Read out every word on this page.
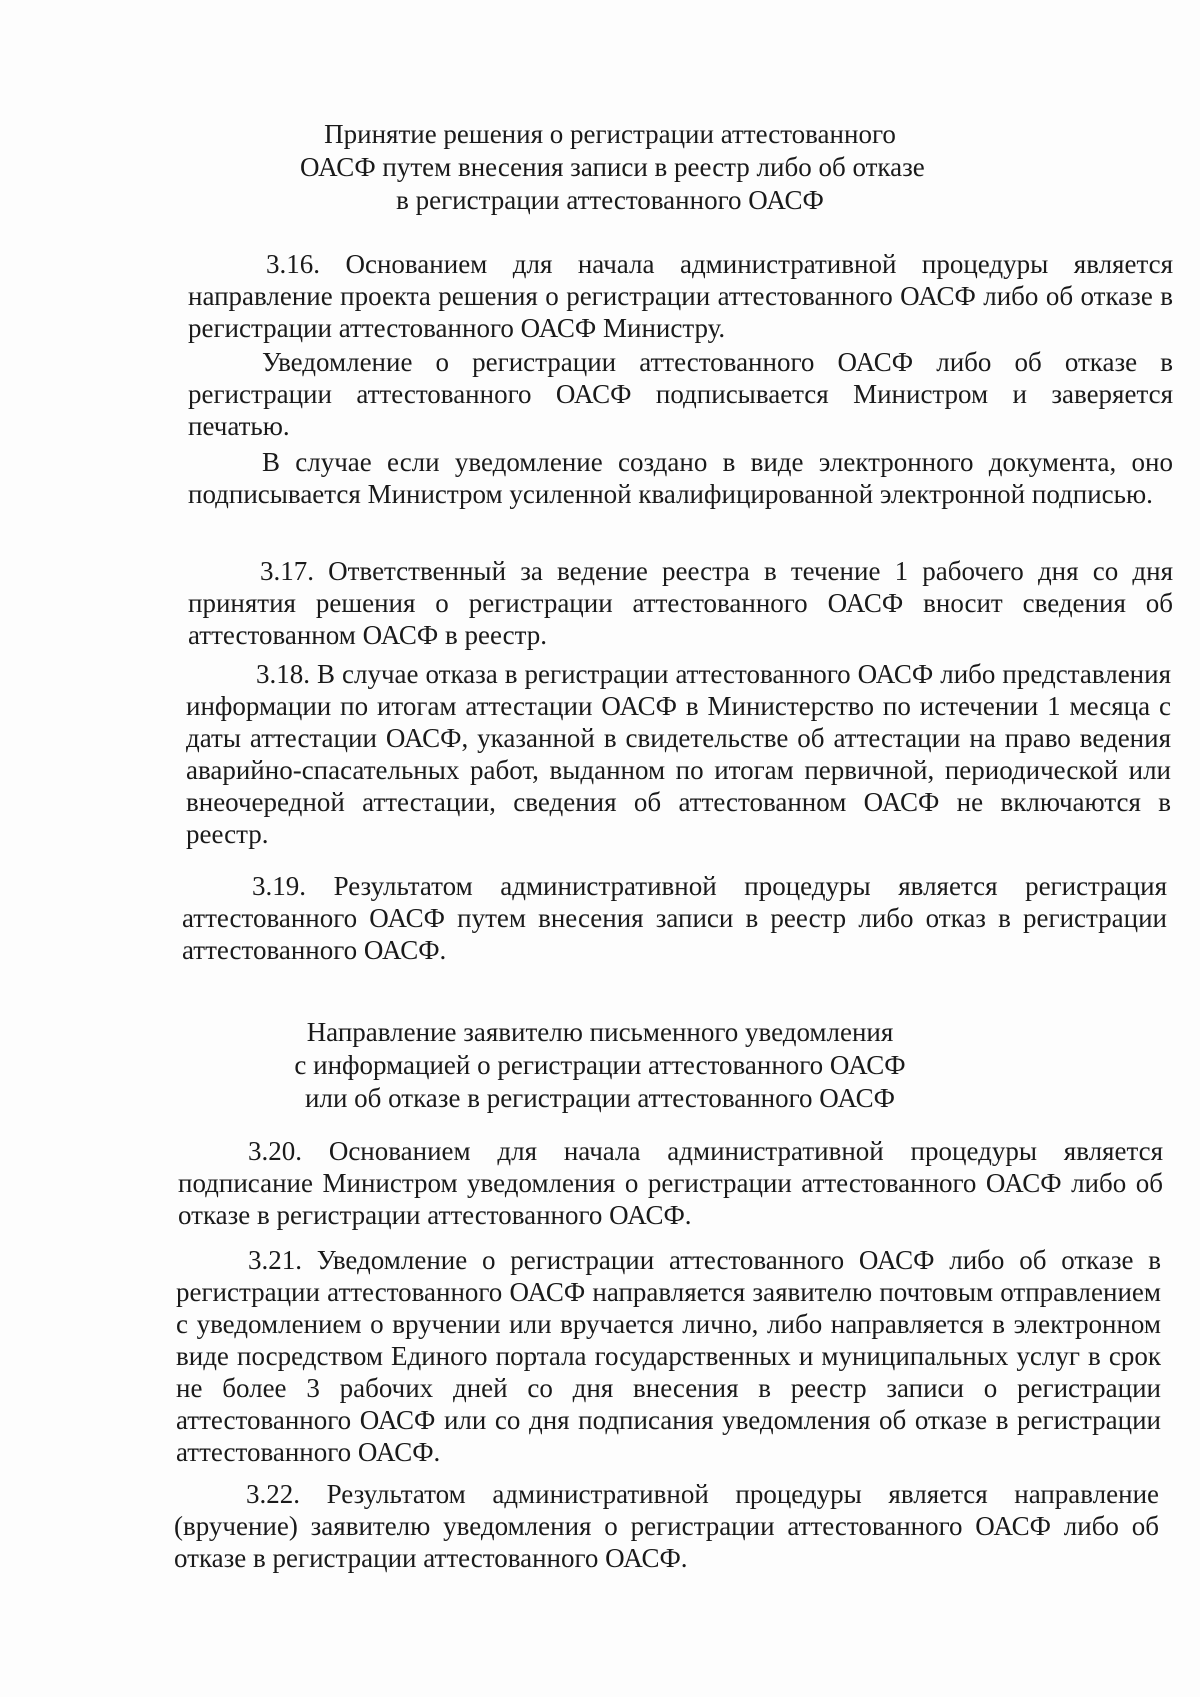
Принятие решения о регистрации аттестованного
ОАСФ путем внесения записи в реестр либо об отказе
в регистрации аттестованного ОАСФ
3.16. Основанием для начала административной процедуры является направление проекта решения о регистрации аттестованного ОАСФ либо об отказе в регистрации аттестованного ОАСФ Министру.
Уведомление о регистрации аттестованного ОАСФ либо об отказе в регистрации аттестованного ОАСФ подписывается Министром и заверяется печатью.
В случае если уведомление создано в виде электронного документа, оно подписывается Министром усиленной квалифицированной электронной подписью.
3.17. Ответственный за ведение реестра в течение 1 рабочего дня со дня принятия решения о регистрации аттестованного ОАСФ вносит сведения об аттестованном ОАСФ в реестр.
3.18. В случае отказа в регистрации аттестованного ОАСФ либо представления информации по итогам аттестации ОАСФ в Министерство по истечении 1 месяца с даты аттестации ОАСФ, указанной в свидетельстве об аттестации на право ведения аварийно-спасательных работ, выданном по итогам первичной, периодической или внеочередной аттестации, сведения об аттестованном ОАСФ не включаются в реестр.
3.19. Результатом административной процедуры является регистрация аттестованного ОАСФ путем внесения записи в реестр либо отказ в регистрации аттестованного ОАСФ.
Направление заявителю письменного уведомления
с информацией о регистрации аттестованного ОАСФ
или об отказе в регистрации аттестованного ОАСФ
3.20. Основанием для начала административной процедуры является подписание Министром уведомления о регистрации аттестованного ОАСФ либо об отказе в регистрации аттестованного ОАСФ.
3.21. Уведомление о регистрации аттестованного ОАСФ либо об отказе в регистрации аттестованного ОАСФ направляется заявителю почтовым отправлением с уведомлением о вручении или вручается лично, либо направляется в электронном виде посредством Единого портала государственных и муниципальных услуг в срок не более 3 рабочих дней со дня внесения в реестр записи о регистрации аттестованного ОАСФ или со дня подписания уведомления об отказе в регистрации аттестованного ОАСФ.
3.22. Результатом административной процедуры является направление (вручение) заявителю уведомления о регистрации аттестованного ОАСФ либо об отказе в регистрации аттестованного ОАСФ.
